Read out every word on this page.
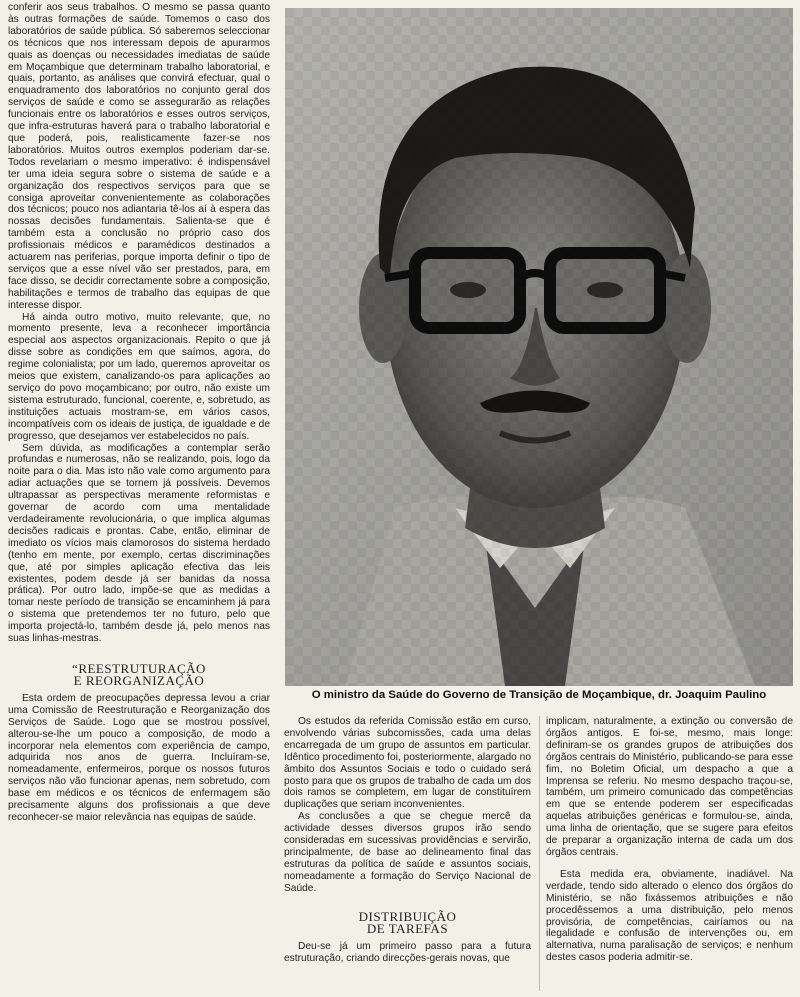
conferir aos seus trabalhos. O mesmo se passa quanto às outras formações de saúde. Tomemos o caso dos laboratórios de saúde pública. Só saberemos seleccionar os técnicos que nos interessam depois de apurarmos quais as doenças ou necessidades imediatas de saúde em Moçambique que determinam trabalho laboratorial, e quais, portanto, as análises que convirá efectuar, qual o enquadramento dos laboratórios no conjunto geral dos serviços de saúde e como se assegurarão as relações funcionais entre os laboratórios e esses outros serviços, que infra-estruturas haverá para o trabalho laboratorial e que poderá, pois, realisticamente fazer-se nos laboratórios. Muitos outros exemplos poderiam dar-se. Todos revelariam o mesmo imperativo: é indispensável ter uma ideia segura sobre o sistema de saúde e a organização dos respectivos serviços para que se consiga aproveitar convenientemente as colaborações dos técnicos; pouco nos adiantaria tê-los aí à espera das nossas decisões fundamentais. Salienta-se que é também esta a conclusão no próprio caso dos profissionais médicos e paramédicos destinados a actuarem nas periferias, porque importa definir o tipo de serviços que a esse nível vão ser prestados, para, em face disso, se decidir correctamente sobre a composição, habilitações e termos de trabalho das equipas de que interesse dispor.

Há ainda outro motivo, muito relevante, que, no momento presente, leva a reconhecer importância especial aos aspectos organizacionais. Repito o que já disse sobre as condições em que saímos, agora, do regime colonialista; por um lado, queremos aproveitar os meios que existem, canalizando-os para aplicações ao serviço do povo moçambicano; por outro, não existe um sistema estruturado, funcional, coerente, e, sobretudo, as instituições actuais mostram-se, em vários casos, incompatíveis com os ideais de justiça, de igualdade e de progresso, que desejamos ver estabelecidos no país.

Sem dúvida, as modificações a contemplar serão profundas e numerosas, não se realizando, pois, logo da noite para o dia. Mas isto não vale como argumento para adiar actuações que se tornem já possíveis. Devemos ultrapassar as perspectivas meramente reformistas e governar de acordo com uma mentalidade verdadeiramente revolucionária, o que implica algumas decisões radicais e prontas. Cabe, então, eliminar de imediato os vícios mais clamorosos do sistema herdado (tenho em mente, por exemplo, certas discriminações que, até por simples aplicação efectiva das leis existentes, podem desde já ser banidas da nossa prática). Por outro lado, impõe-se que as medidas a tomar neste período de transição se encaminhem já para o sistema que pretendemos ter no futuro, pelo que importa projectá-lo, também desde já, pelo menos nas suas linhas-mestras.

“REESTRUTURAÇÃO
E REORGANIZAÇÃO

Esta ordem de preocupações depressa levou a criar uma Comissão de Reestruturação e Reorganização dos Serviços de Saúde. Logo que se mostrou possível, alterou-se-lhe um pouco a composição, de modo a incorporar nela elementos com experiência de campo, adquirida nos anos de guerra. Incluíram-se, nomeadamente, enfermeiros, porque os nossos futuros serviços não vão funcionar apenas, nem sobretudo, com base em médicos e os técnicos de enfermagem são precisamente alguns dos profissionais a que deve reconhecer-se maior relevância nas equipas de saúde.

O ministro da Saúde do Governo de Transição de Moçambique, dr. Joaquim Paulino

Os estudos da referida Comissão estão em curso, envolvendo várias subcomissões, cada uma delas encarregada de um grupo de assuntos em particular. Idêntico procedimento foi, posteriormente, alargado no âmbito dos Assuntos Sociais e todo o cuidado será posto para que os grupos de trabalho de cada um dos dois ramos se completem, em lugar de constituírem duplicações que seriam inconvenientes.

As conclusões a que se chegue mercê da actividade desses diversos grupos irão sendo consideradas em sucessivas providências e servirão, principalmente, de base ao delineamento final das estruturas da política de saúde e assuntos sociais, nomeadamente a formação do Serviço Nacional de Saúde.

DISTRIBUIÇÃO
DE TAREFAS

Deu-se já um primeiro passo para a futura estruturação, criando direcções-gerais novas, que

implicam, naturalmente, a extinção ou conversão de órgãos antigos. E foi-se, mesmo, mais longe: definiram-se os grandes grupos de atribuições dos órgãos centrais do Ministério, publicando-se para esse fim, no Boletim Oficial, um despacho a que a Imprensa se referiu. No mesmo despacho traçou-se, também, um primeiro comunicado das competências em que se entende poderem ser especificadas aquelas atribuições genéricas e formulou-se, ainda, uma linha de orientação, que se sugere para efeitos de preparar a organização interna de cada um dos órgãos centrais.

Esta medida era, obviamente, inadiável. Na verdade, tendo sido alterado o elenco dos órgãos do Ministério, se não fixássemos atribuições e não procedêssemos a uma distribuição, pelo menos provisória, de competências, cairíamos ou na ilegalidade e confusão de intervenções ou, em alternativa, numa paralisação de serviços; e nenhum destes casos poderia admitir-se.
